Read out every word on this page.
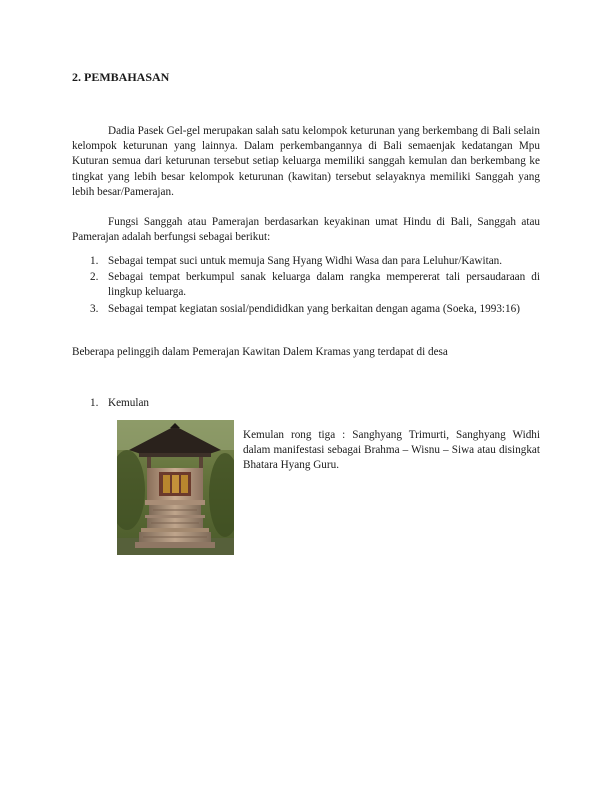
2. PEMBAHASAN

Dadia Pasek Gel-gel merupakan salah satu kelompok keturunan yang berkembang di Bali selain kelompok keturunan yang lainnya. Dalam perkembangannya di Bali semaenjak kedatangan Mpu Kuturan semua dari keturunan tersebut setiap keluarga memiliki sanggah kemulan dan berkembang ke tingkat yang lebih besar kelompok keturunan (kawitan) tersebut selayaknya memiliki Sanggah yang lebih besar/Pamerajan.

Fungsi Sanggah atau Pamerajan berdasarkan keyakinan umat Hindu di Bali, Sanggah atau Pamerajan adalah berfungsi sebagai berikut:

1. Sebagai tempat suci untuk memuja Sang Hyang Widhi Wasa dan para Leluhur/Kawitan.
2. Sebagai tempat berkumpul sanak keluarga dalam rangka mempererat tali persaudaraan di lingkup keluarga.
3. Sebagai tempat kegiatan sosial/pendididkan yang berkaitan dengan agama (Soeka, 1993:16)

Beberapa pelinggih dalam Pemerajan Kawitan Dalem Kramas yang terdapat di desa

1. Kemulan

Kemulan rong tiga : Sanghyang Trimurti, Sanghyang Widhi dalam manifestasi sebagai Brahma – Wisnu – Siwa atau disingkat Bhatara Hyang Guru.
